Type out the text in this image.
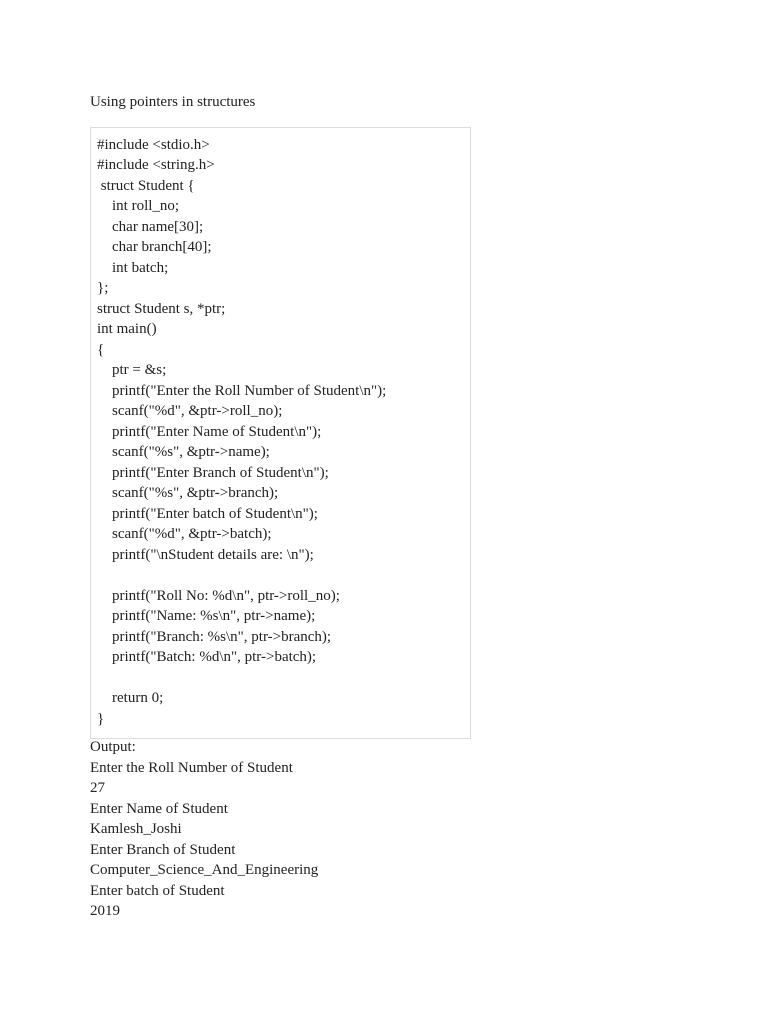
Using pointers in structures
#include <stdio.h>
#include <string.h>
struct Student {
int roll_no;
char name[30];
char branch[40];
int batch;
};
struct Student s, *ptr;
int main()
{
ptr = &s;
printf("Enter the Roll Number of Student\n");
scanf("%d", &ptr->roll_no);
printf("Enter Name of Student\n");
scanf("%s", &ptr->name);
printf("Enter Branch of Student\n");
scanf("%s", &ptr->branch);
printf("Enter batch of Student\n");
scanf("%d", &ptr->batch);
printf("\nStudent details are: \n");
printf("Roll No: %d\n", ptr->roll_no);
printf("Name: %s\n", ptr->name);
printf("Branch: %s\n", ptr->branch);
printf("Batch: %d\n", ptr->batch);
return 0;
}
Output:
Enter the Roll Number of Student
27
Enter Name of Student
Kamlesh_Joshi
Enter Branch of Student
Computer_Science_And_Engineering
Enter batch of Student
2019
